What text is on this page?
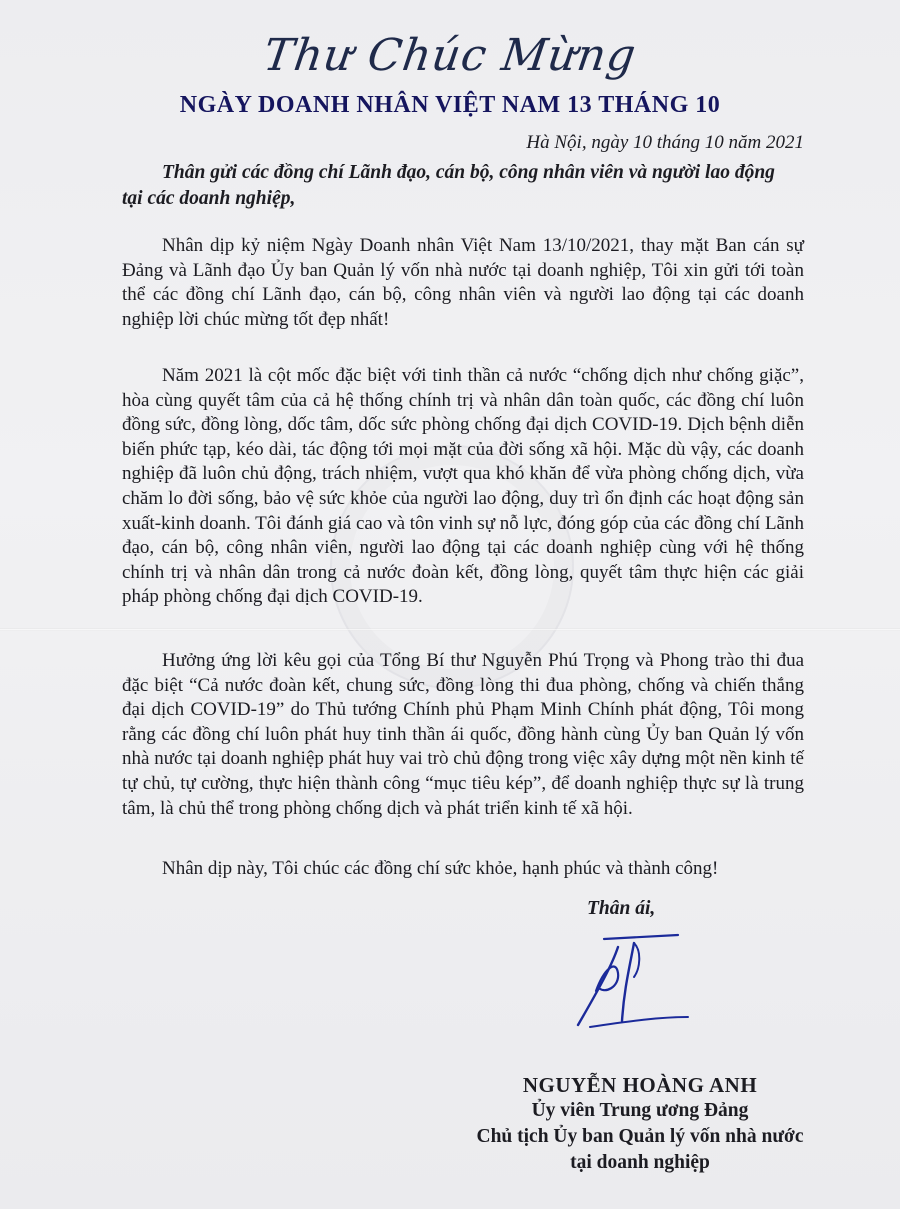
Thư Chúc Mừng
NGÀY DOANH NHÂN VIỆT NAM 13 THÁNG 10
Hà Nội, ngày 10 tháng 10 năm 2021
Thân gửi các đồng chí Lãnh đạo, cán bộ, công nhân viên và người lao động
tại các doanh nghiệp,
Nhân dịp kỷ niệm Ngày Doanh nhân Việt Nam 13/10/2021, thay mặt Ban cán sự Đảng và Lãnh đạo Ủy ban Quản lý vốn nhà nước tại doanh nghiệp, Tôi xin gửi tới toàn thể các đồng chí Lãnh đạo, cán bộ, công nhân viên và người lao động tại các doanh nghiệp lời chúc mừng tốt đẹp nhất!
Năm 2021 là cột mốc đặc biệt với tinh thần cả nước “chống dịch như chống giặc”, hòa cùng quyết tâm của cả hệ thống chính trị và nhân dân toàn quốc, các đồng chí luôn đồng sức, đồng lòng, dốc tâm, dốc sức phòng chống đại dịch COVID-19. Dịch bệnh diễn biến phức tạp, kéo dài, tác động tới mọi mặt của đời sống xã hội. Mặc dù vậy, các doanh nghiệp đã luôn chủ động, trách nhiệm, vượt qua khó khăn để vừa phòng chống dịch, vừa chăm lo đời sống, bảo vệ sức khỏe của người lao động, duy trì ổn định các hoạt động sản xuất-kinh doanh. Tôi đánh giá cao và tôn vinh sự nỗ lực, đóng góp của các đồng chí Lãnh đạo, cán bộ, công nhân viên, người lao động tại các doanh nghiệp cùng với hệ thống chính trị và nhân dân trong cả nước đoàn kết, đồng lòng, quyết tâm thực hiện các giải pháp phòng chống đại dịch COVID-19.
Hưởng ứng lời kêu gọi của Tổng Bí thư Nguyễn Phú Trọng và Phong trào thi đua đặc biệt “Cả nước đoàn kết, chung sức, đồng lòng thi đua phòng, chống và chiến thắng đại dịch COVID-19” do Thủ tướng Chính phủ Phạm Minh Chính phát động, Tôi mong rằng các đồng chí luôn phát huy tinh thần ái quốc, đồng hành cùng Ủy ban Quản lý vốn nhà nước tại doanh nghiệp phát huy vai trò chủ động trong việc xây dựng một nền kinh tế tự chủ, tự cường, thực hiện thành công “mục tiêu kép”, để doanh nghiệp thực sự là trung tâm, là chủ thể trong phòng chống dịch và phát triển kinh tế xã hội.
Nhân dịp này, Tôi chúc các đồng chí sức khỏe, hạnh phúc và thành công!
Thân ái,
NGUYỄN HOÀNG ANH
Ủy viên Trung ương Đảng
Chủ tịch Ủy ban Quản lý vốn nhà nước
tại doanh nghiệp
